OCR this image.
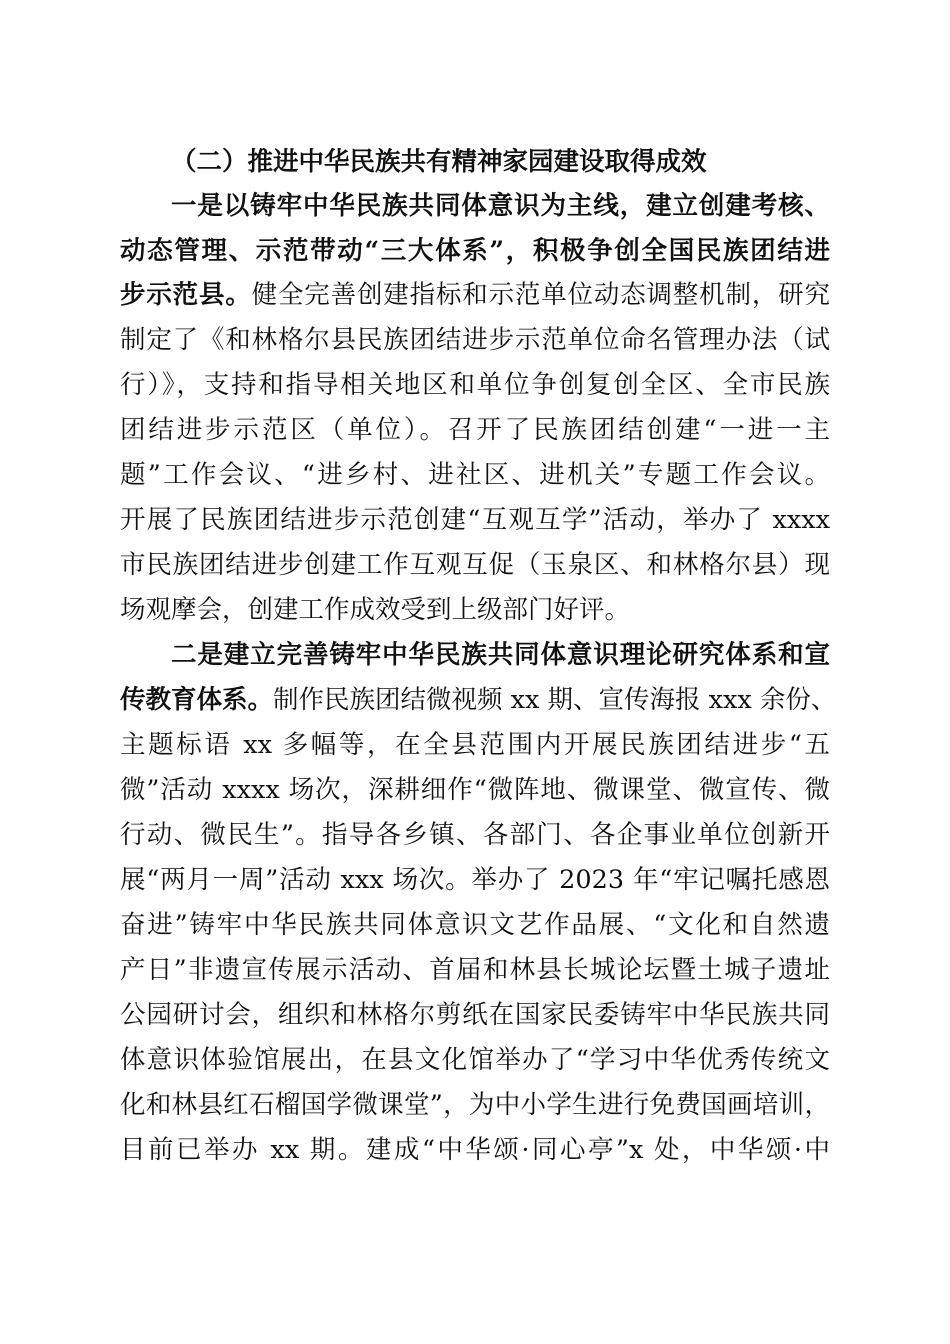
（二）推进中华民族共有精神家园建设取得成效
一是以铸牢中华民族共同体意识为主线，建立创建考核、
动态管理、示范带动“三大体系”，积极争创全国民族团结进
步示范县。健全完善创建指标和示范单位动态调整机制，研究
制定了《和林格尔县民族团结进步示范单位命名管理办法（试
行）》，支持和指导相关地区和单位争创复创全区、全市民族
团结进步示范区（单位）。召开了民族团结创建“一进一主
题”工作会议、“进乡村、进社区、进机关”专题工作会议。
开展了民族团结进步示范创建“互观互学”活动，举办了 xxxx
市民族团结进步创建工作互观互促（玉泉区、和林格尔县）现
场观摩会，创建工作成效受到上级部门好评。
二是建立完善铸牢中华民族共同体意识理论研究体系和宣
传教育体系。制作民族团结微视频 xx 期、宣传海报 xxx 余份、
主题标语 xx 多幅等，在全县范围内开展民族团结进步“五
微”活动 xxxx 场次，深耕细作“微阵地、微课堂、微宣传、微
行动、微民生”。指导各乡镇、各部门、各企事业单位创新开
展“两月一周”活动 xxx 场次。举办了 2023 年“牢记嘱托感恩
奋进”铸牢中华民族共同体意识文艺作品展、“文化和自然遗
产日”非遗宣传展示活动、首届和林县长城论坛暨土城子遗址
公园研讨会，组织和林格尔剪纸在国家民委铸牢中华民族共同
体意识体验馆展出，在县文化馆举办了“学习中华优秀传统文
化和林县红石榴国学微课堂”，为中小学生进行免费国画培训，
目前已举办 xx 期。建成“中华颂·同心亭”x 处，中华颂·中
